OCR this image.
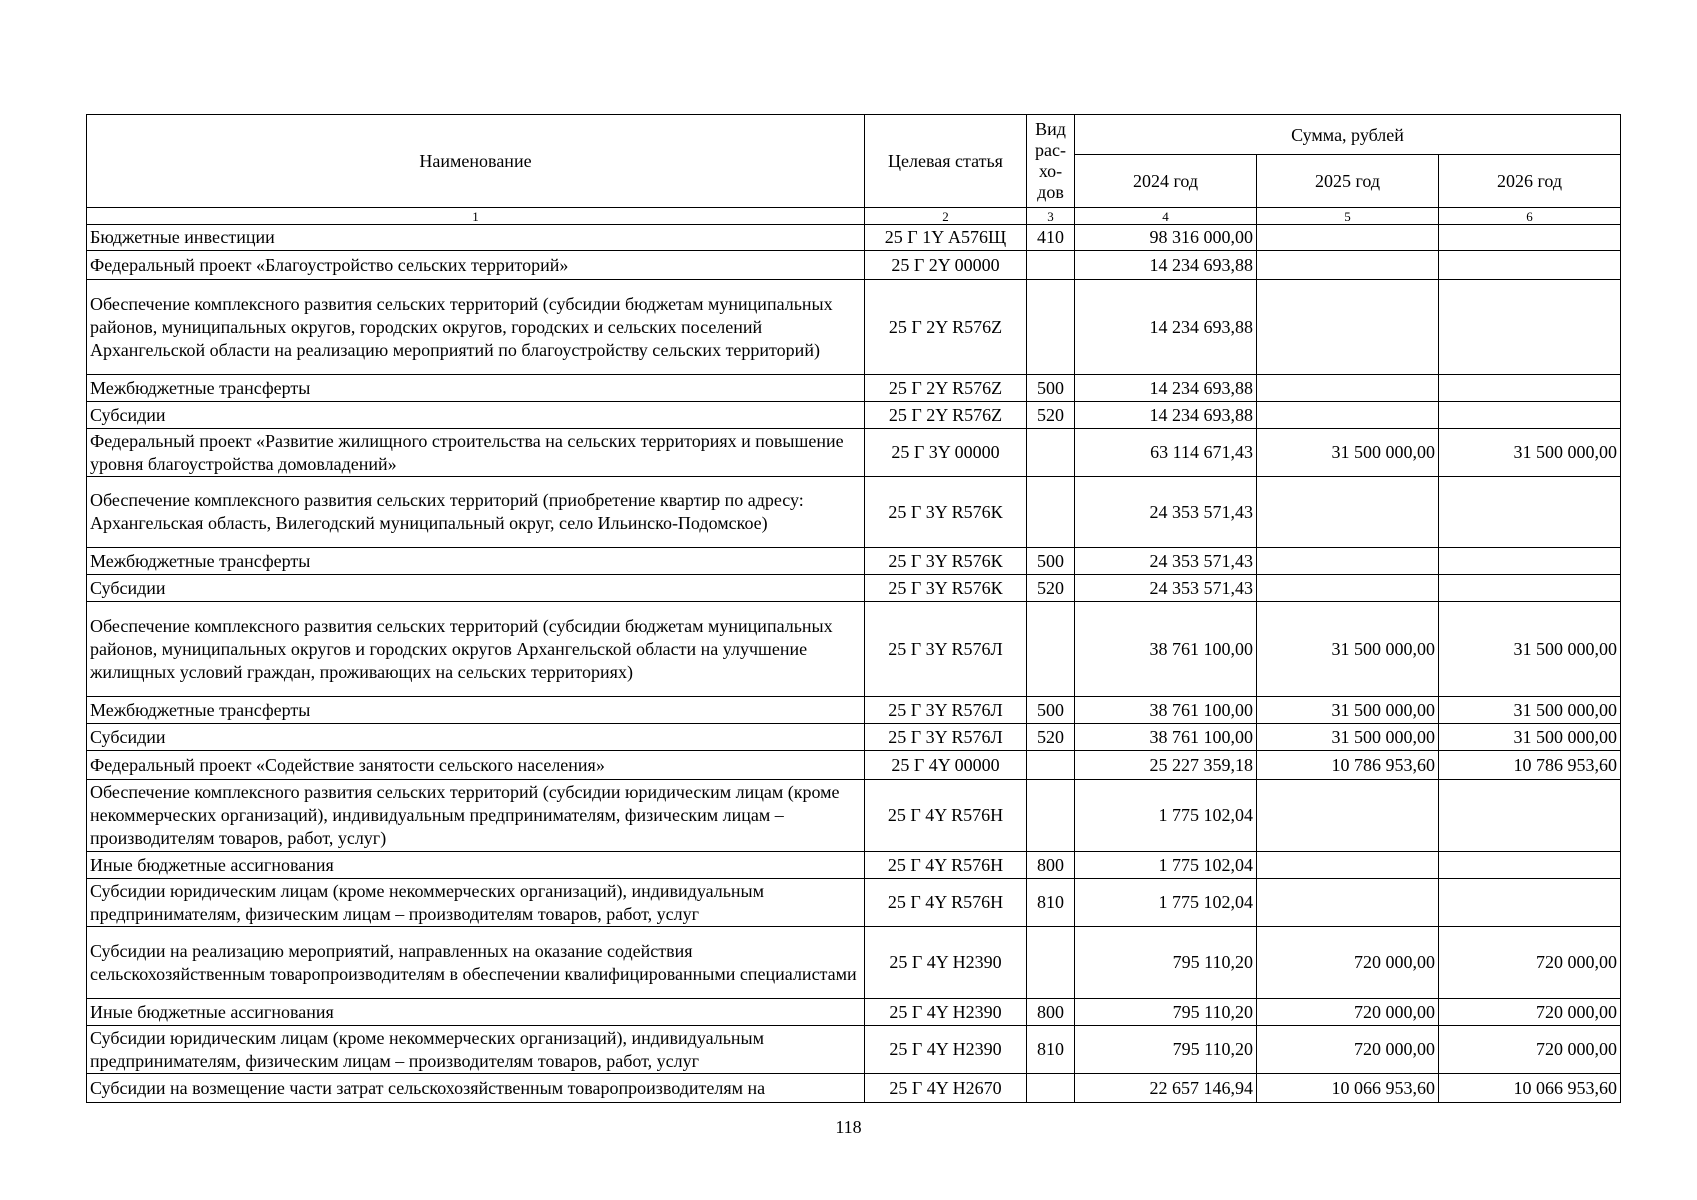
Наименование	Целевая статья	Вид
рас-
хо-
дов	Сумма, рублей		
			2024 год	2025 год	2026 год
1	2	3	4	5	6
Бюджетные инвестиции	25 Г 1Y А576Щ	410	98 316 000,00		
Федеральный проект «Благоустройство сельских территорий»	25 Г 2Y 00000		14 234 693,88		
Обеспечение комплексного развития сельских территорий (субсидии бюджетам муниципальных районов, муниципальных округов, городских округов, городских и сельских поселений Архангельской области на реализацию мероприятий по благоустройству сельских территорий)	25 Г 2Y R576Z		14 234 693,88		
Межбюджетные трансферты	25 Г 2Y R576Z	500	14 234 693,88		
Субсидии	25 Г 2Y R576Z	520	14 234 693,88		
Федеральный проект «Развитие жилищного строительства на сельских территориях и повышение уровня благоустройства домовладений»	25 Г 3Y 00000		63 114 671,43	31 500 000,00	31 500 000,00
Обеспечение комплексного развития сельских территорий (приобретение квартир по адресу: Архангельская область, Вилегодский муниципальный округ, село Ильинско-Подомское)	25 Г 3Y R576К		24 353 571,43		
Межбюджетные трансферты	25 Г 3Y R576К	500	24 353 571,43		
Субсидии	25 Г 3Y R576К	520	24 353 571,43		
Обеспечение комплексного развития сельских территорий (субсидии бюджетам муниципальных районов, муниципальных округов и городских округов Архангельской области на улучшение жилищных условий граждан, проживающих на сельских территориях)	25 Г 3Y R576Л		38 761 100,00	31 500 000,00	31 500 000,00
Межбюджетные трансферты	25 Г 3Y R576Л	500	38 761 100,00	31 500 000,00	31 500 000,00
Субсидии	25 Г 3Y R576Л	520	38 761 100,00	31 500 000,00	31 500 000,00
Федеральный проект «Содействие занятости сельского населения»	25 Г 4Y 00000		25 227 359,18	10 786 953,60	10 786 953,60
Обеспечение комплексного развития сельских территорий (субсидии юридическим лицам (кроме некоммерческих организаций), индивидуальным предпринимателям, физическим лицам – производителям товаров, работ, услуг)	25 Г 4Y R576Н		1 775 102,04		
Иные бюджетные ассигнования	25 Г 4Y R576Н	800	1 775 102,04		
Субсидии юридическим лицам (кроме некоммерческих организаций), индивидуальным предпринимателям, физическим лицам – производителям товаров, работ, услуг	25 Г 4Y R576Н	810	1 775 102,04		
Субсидии на реализацию мероприятий, направленных на оказание содействия сельскохозяйственным товаропроизводителям в обеспечении квалифицированными специалистами	25 Г 4Y Н2390		795 110,20	720 000,00	720 000,00
Иные бюджетные ассигнования	25 Г 4Y Н2390	800	795 110,20	720 000,00	720 000,00
Субсидии юридическим лицам (кроме некоммерческих организаций), индивидуальным предпринимателям, физическим лицам – производителям товаров, работ, услуг	25 Г 4Y Н2390	810	795 110,20	720 000,00	720 000,00
Субсидии на возмещение части затрат сельскохозяйственным товаропроизводителям на	25 Г 4Y Н2670		22 657 146,94	10 066 953,60	10 066 953,60
118
